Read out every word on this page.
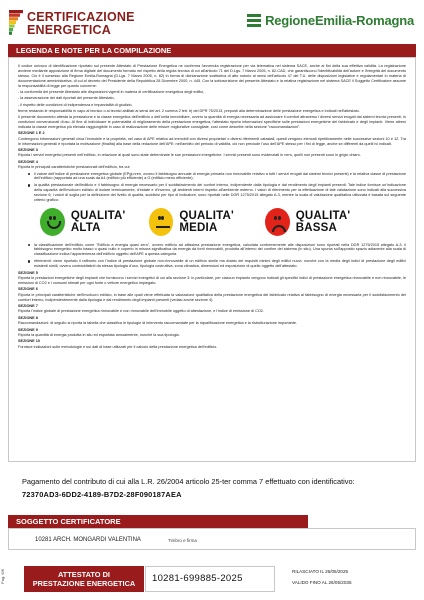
CERTIFICAZIONE
ENERGETICA
RegioneEmilia-Romagna
LEGENDA E NOTE PER LA COMPILAZIONE

Il codice univoco di identificazione riportato sul presente Attestato di Prestazione Energetica ne conferma l'avvenuta registrazione per via telematica nel sistema SACE, anche ai fini della sua effettiva validità. La registrazione avviene mediante apposizione di firma digitale del documento formato nel rispetto della regola tecnica di cui all'articolo 71 del D.Lgs. 7 Marzo 2005, n. 82-CAD, che garantiscono l'identificabilità dell'autore e l'integrità del documento stesso. Ciò è il sorsesso alla Regione Emilia-Romagna (D.Lgs. 7 Marzo 2005, n. 82) in forma di dichiarazione sostitutiva di atto notorio ai sensi dell'articolo 47 del T.U. delle disposizioni legislative e regolamentari in materia di documentazione amministrativa, di cui al decreto del Presidente della Repubblica 28 Dicembre 2000, n. 445. Con la sottoscrizione del presente Attestato e la relativa registrazione nel sistema SACE il Soggetto Certificatore assume la responsabilità di legge per quanto concerne:

- la conformità del presente Attestato alle disposizioni vigenti in materia di certificazione energetica degli edifici,

- la asseverazione dei dati riportati del presente Attestato,

- il rispetto delle condizioni di indipendenza e imparzialità di giudizio,

ferme restando le responsabilità in capo al tecnico o ai tecnici abilitati ai sensi del art. 2 comma 2 lett. b) del DPR 75/2013, preposti alla determinazione delle prestazione energetica e indicati nell'attestato.

Il presente documento attesta la prestazione e la classe energetica dell'edificio o dell'unità immobiliare, ovvero la quantità di energia necessaria ad assicurare il comfort attraverso i diversi servizi erogati dai sistemi tecnici presenti, in condizioni convenzionali d'uso. Al fine di individuare le potenzialità di miglioramento della prestazione energetica, l'attestato riporta informazioni specifiche sulle prestazioni energetiche del fabbricato e degli impianti. Viene altresì indicata la classe energetica più elevata raggiungibile in caso di realizzazione delle misure migliorative consigliate, così come descritte nella sezione "raccomandazioni".

SEZIONE 1 E 2

Contengono informazioni generali circa l'immobile e la proprietà; nel caso di APE relativo ad immobili con diversi proprietari o diversi riferimenti catastali, questi vengono elencati ripetitivamente nelle successive sezioni 10 e 12. Tra le informazioni generali è riportata la motivazione (finalità) alla base della redazione dell'APE: nell'ambito del periodo di validità, ciò non preclude l'uso dell'APE stesso per i fini di legge, anche se differenti da quelli ivi indicati.

SEZIONE 3

Riporta i servizi energetici presenti nell'edificio, in relazione ai quali sono state determinate le sue prestazioni energetiche. I servizi presenti sono evidenziati in nero, quelli non presenti sono in grigio chiaro.

SEZIONE 4

Riporta le principali caratteristiche prestazionali dell'edificio, tra cui:

il valore dell'indice di prestazione energetica globale (EPgl,nren, ovvero il fabbisogno annuale di energia primaria non rinnovabile relativo a tutti i servizi erogati dai sistemi tecnici presenti) e la relativa classe di prestazione dell'edificio (rapportata ad una scala da A4 (edificio più efficiente) a G (edificio meno efficiente);
la qualità prestazionale dell'edificio e il fabbisogno di energia necessario per il soddisfacimento dei confort interno, indipendente dalla tipologia e dal rendimento degli impianti presenti. Tale indice fornisce un'indicazione della capacità dell'involucro edilizio di isolare termicamente, d'estate e d'inverno, gli ambienti interni rispetto all'ambiente esterno. I valori di riferimento per la effettuazione di tale valutazione sono indicati alla successiva sezione 6; i valori di soglia per la definizione del livello di qualità, suddivisi per tipo di indicatore, sono riportati nelle DGR 1275/2015 allegato A-3, mentre la scala di valutazione qualitativa utilizzata è basata sul seguente criterio grafico:
QUALITA' ALTA
QUALITA' MEDIA
QUALITA' BASSA
la classificazione dell'edificio come "Edificio a energia quasi zero", ovvero edificio ad altissima prestazione energetica, calcolata conformemente alle disposizioni sono riportati nella DGR 1275/2015 allegato A-3, il fabbisogno energetico molto basso o quasi nullo è coperto in misura significativa da energia da fonti rinnovabili, prodotta all'interno del confine del sistema (in situ). Una spunta sull'apposito spazio adiacente alla scala di classificazione indica l'appartenenza dell'edificio oggetto dell'APE a questa categoria.
riferimenti: viene riportato il raffronto con l'indice di prestazione globale non-rinnovabile di un edificio simile ma dotato dei requisiti minimi degli edifici nuovi, nonché con la media degli indici di prestazione degli edifici esistenti simili, ovvero contraddistinti da stessa tipologia d'uso, tipologia costruttiva, zona climatica, dimensioni ed esposizione di quello oggetto dell'attestato.

SEZIONE 5

Riporta le prestazioni energetiche degli impianti che forniscono i servizi energetici di cui alla sezione 3: in particolare, per ciascun impianto vengono indicati gli specifici indici di prestazione energetica rinnovabile e non rinnovabile, le emissioni di CO2 e i consumi stimati per ogni fonte o vettore energetico impiegato.

SEZIONE 6

Riporta le principali caratteristiche dell'involucro edilizio, in base alle quali viene effettuata la valutazione qualitativa della prestazione energetica del fabbricato relativa al fabbisogno di energia necessaria per il soddisfacimento del comfort interno, indipendentemente dalla tipologia e dal rendimento degli impianti presenti (vedasi anche sezione 4).

SEZIONE 7

Riporta l'indice globale di prestazione energetica rinnovabile e non rinnovabile dell'immobile oggetto di attestazione, e l'indice di emissione di CO2.

SEZIONE 8

Raccomandazioni: di seguito si riporta la tabella che classifica le tipologie di intervento raccomandate per la riqualificazione energetica e la ristrutturazione importante.

SEZIONE 9

Riporta la quantità di energia prodotta in situ ed esportata annualmente, nonché la sua tipologia.

SEZIONE 10

Fornisce indicazioni sulle metodologie e sui dati di base utilizzati per il calcolo della prestazione energetica dell'edificio.

Pagamento del contributo di cui alla L.R. 26/2004 articolo 25-ter comma 7 effettuato con identificativo:
72370AD3-6DD2-4189-B7D2-28F090187AEA
SOGGETTO CERTIFICATORE
10281 ARCH. MONGARDI VALENTINA	Timbro e firma
Pag. 6/6	ATTESTATO DI
PRESTAZIONE ENERGETICA	10281-699885-2025
RILASCIATO IL 26/05/2025
VALIDO FINO AL 26/05/2035
